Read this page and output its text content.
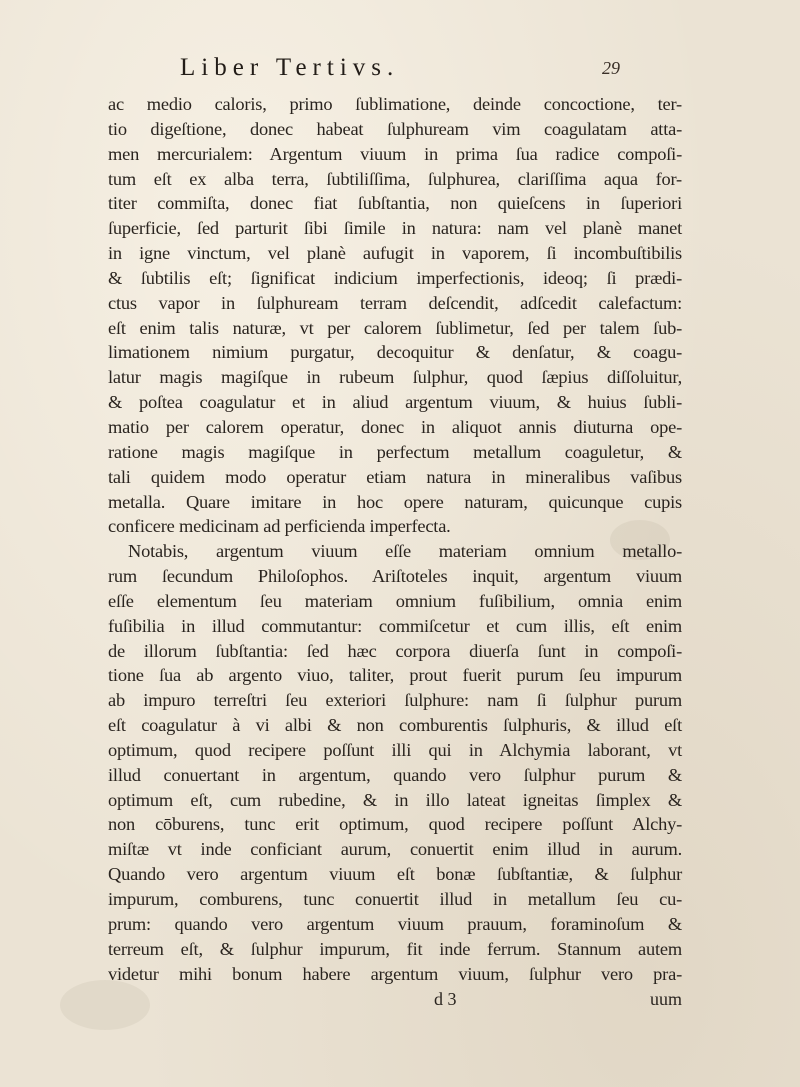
Liber Tertivs.	29
ac medio caloris, primo ſublimatione, deinde concoctione, ter-
tio digeſtione, donec habeat ſulphuream vim coagulatam atta-
men mercurialem: Argentum viuum in prima ſua radice compoſi-
tum eſt ex alba terra, ſubtiliſſima, ſulphurea, clariſſima aqua for-
titer commiſta, donec fiat ſubſtantia, non quieſcens in ſuperiori
ſuperficie, ſed parturit ſibi ſimile in natura: nam vel planè manet
in igne vinctum, vel planè aufugit in vaporem, ſi incombuſtibilis
& ſubtilis eſt; ſignificat indicium imperfectionis, ideoq; ſi prædi-
ctus vapor in ſulphuream terram deſcendit, adſcedit calefactum:
eſt enim talis naturæ, vt per calorem ſublimetur, ſed per talem ſub-
limationem nimium purgatur, decoquitur & denſatur, & coagu-
latur magis magiſque in rubeum ſulphur, quod ſæpius diſſoluitur,
& poſtea coagulatur et in aliud argentum viuum, & huius ſubli-
matio per calorem operatur, donec in aliquot annis diuturna ope-
ratione magis magiſque in perfectum metallum coaguletur, &
tali quidem modo operatur etiam natura in mineralibus vaſibus
metalla. Quare imitare in hoc opere naturam, quicunque cupis
conficere medicinam ad perficienda imperfecta.
Notabis, argentum viuum eſſe materiam omnium metallo-
rum ſecundum Philoſophos. Ariſtoteles inquit, argentum viuum
eſſe elementum ſeu materiam omnium fuſibilium, omnia enim
fuſibilia in illud commutantur: commiſcetur et cum illis, eſt enim
de illorum ſubſtantia: ſed hæc corpora diuerſa ſunt in compoſi-
tione ſua ab argento viuo, taliter, prout fuerit purum ſeu impurum
ab impuro terreſtri ſeu exteriori ſulphure: nam ſi ſulphur purum
eſt coagulatur à vi albi & non comburentis ſulphuris, & illud eſt
optimum, quod recipere poſſunt illi qui in Alchymia laborant, vt
illud conuertant in argentum, quando vero ſulphur purum &
optimum eſt, cum rubedine, & in illo lateat igneitas ſimplex &
non cōburens, tunc erit optimum, quod recipere poſſunt Alchy-
miſtæ vt inde conficiant aurum, conuertit enim illud in aurum.
Quando vero argentum viuum eſt bonæ ſubſtantiæ, & ſulphur
impurum, comburens, tunc conuertit illud in metallum ſeu cu-
prum: quando vero argentum viuum prauum, foraminoſum &
terreum eſt, & ſulphur impurum, fit inde ferrum. Stannum autem
videtur mihi bonum habere argentum viuum, ſulphur vero pra-
d 3	uum
